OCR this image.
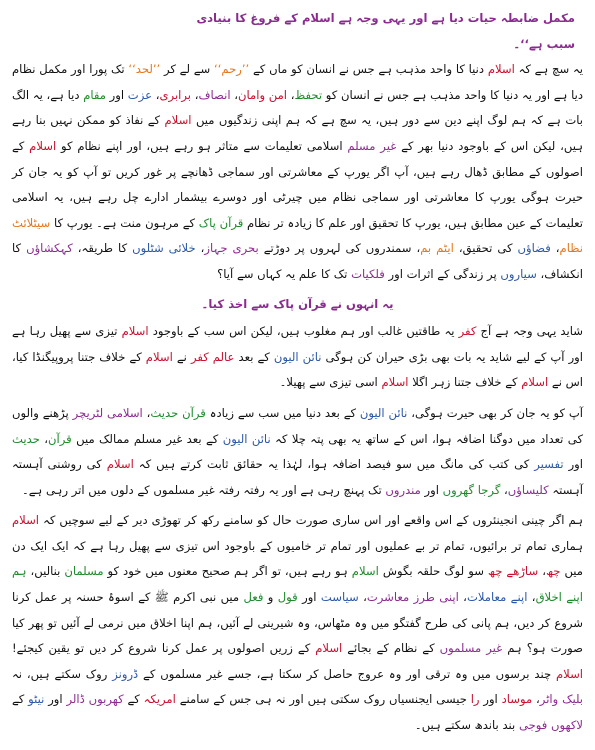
مکمل ضابطہ حیات دیا ہے اور یہی وجہ ہے اسلام کے فروغ کا بنیادی
سبب ہے‘‘۔

یہ سچ ہے کہ اسلام دنیا کا واحد مذہب ہے جس نے انسان کو ماں کے ’’رحم‘‘ سے لے کر ’’لحد‘‘ تک پورا اور مکمل نظام دیا ہے اور یہ دنیا کا واحد مذہب ہے جس نے انسان کو تحفظ، امن وامان، انصاف، برابری، عزت اور مقام دیا ہے، یہ الگ بات ہے کہ ہم لوگ اپنے دین سے دور ہیں، یہ سچ ہے کہ ہم اپنی زندگیوں میں اسلام کے نفاذ کو ممکن نہیں بنا رہے ہیں، لیکن اس کے باوجود دنیا بھر کے غیر مسلم اسلامی تعلیمات سے متاثر ہو رہے ہیں، اور اپنے نظام کو اسلام کے اصولوں کے مطابق ڈھال رہے ہیں، آپ اگر یورپ کے معاشرتی اور سماجی ڈھانچے پر غور کریں تو آپ کو یہ جان کر حیرت ہوگی یورپ کا معاشرتی اور سماجی نظام میں چیرٹی اور دوسرے بیشمار ادارے چل رہے ہیں، یہ اسلامی تعلیمات کے عین مطابق ہیں، یورپ کا تحقیق اور علم کا زیادہ تر نظام قرآن پاک کے مرہون منت ہے۔ یورپ کا سیٹلائٹ نظام، فضاؤں کی تحقیق، ایٹم بم، سمندروں کی لہروں پر دوڑتے بحری جہاز، خلائی شٹلوں کا طریقہ، کہکشاؤں کا انکشاف، سیاروں پر زندگی کے اثرات اور فلکیات تک کا علم یہ کہاں سے آیا؟

یہ انہوں نے قرآن پاک سے اخذ کیا۔

شاید یہی وجہ ہے آج کفر یہ طاقتیں غالب اور ہم مغلوب ہیں، لیکن اس سب کے باوجود اسلام تیزی سے پھیل رہا ہے اور آپ کے لیے شاید یہ بات بھی بڑی حیران کن ہوگی نائن الیون کے بعد عالم کفر نے اسلام کے خلاف جتنا پروپیگنڈا کیا، اس نے اسلام کے خلاف جتنا زہر اگلا اسلام اسی تیزی سے پھیلا۔

آپ کو یہ جان کر بھی حیرت ہوگی، نائن الیون کے بعد دنیا میں سب سے زیادہ قرآن حدیث، اسلامی لٹریچر پڑھنے والوں کی تعداد میں دوگنا اضافہ ہوا، اس کے ساتھ یہ بھی پتہ چلا کہ نائن الیون کے بعد غیر مسلم ممالک میں قرآن، حدیث اور تفسیر کی کتب کی مانگ میں سو فیصد اضافہ ہوا، لہٰذا یہ حقائق ثابت کرتے ہیں کہ اسلام کی روشنی آہستہ آہستہ کلیساؤں، گرجا گھروں اور مندروں تک پہنچ رہی ہے اور یہ رفتہ رفتہ غیر مسلموں کے دلوں میں اتر رہی ہے۔

ہم اگر چینی انجینئروں کے اس واقعے اور اس ساری صورت حال کو سامنے رکھ کر تھوڑی دیر کے لیے سوچیں کہ اسلام ہماری تمام تر برائیوں، تمام تر بے عملیوں اور تمام تر خامیوں کے باوجود اس تیزی سے پھیل رہا ہے کہ ایک ایک دن میں چھ، ساڑھے چھ سو لوگ حلقہ بگوش اسلام ہو رہے ہیں، تو اگر ہم صحیح معنوں میں خود کو مسلمان بنالیں، ہم اپنے اخلاق، اپنے معاملات، اپنی طرز معاشرت، سیاست اور قول و فعل میں نبی اکرم ﷺ کے اسوۂ حسنہ پر عمل کرنا شروع کر دیں، ہم پانی کی طرح گفتگو میں وہ مٹھاس، وہ شیرینی لے آئیں، ہم اپنا اخلاق میں نرمی لے آئیں تو پھر کیا صورت ہو؟ ہم غیر مسلموں کے نظام کے بجائے اسلام کے زریں اصولوں پر عمل کرنا شروع کر دیں تو یقین کیجئے! اسلام چند برسوں میں وہ ترقی اور وہ عروج حاصل کر سکتا ہے، جسے غیر مسلموں کے ڈرونز روک سکتے ہیں، نہ بلیک واٹر، موساد اور را جیسی ایجنسیاں روک سکتی ہیں اور نہ ہی جس کے سامنے امریکہ کے کھربوں ڈالر اور نیٹو کے لاکھوں فوجی بند باندھ سکتے ہیں۔
